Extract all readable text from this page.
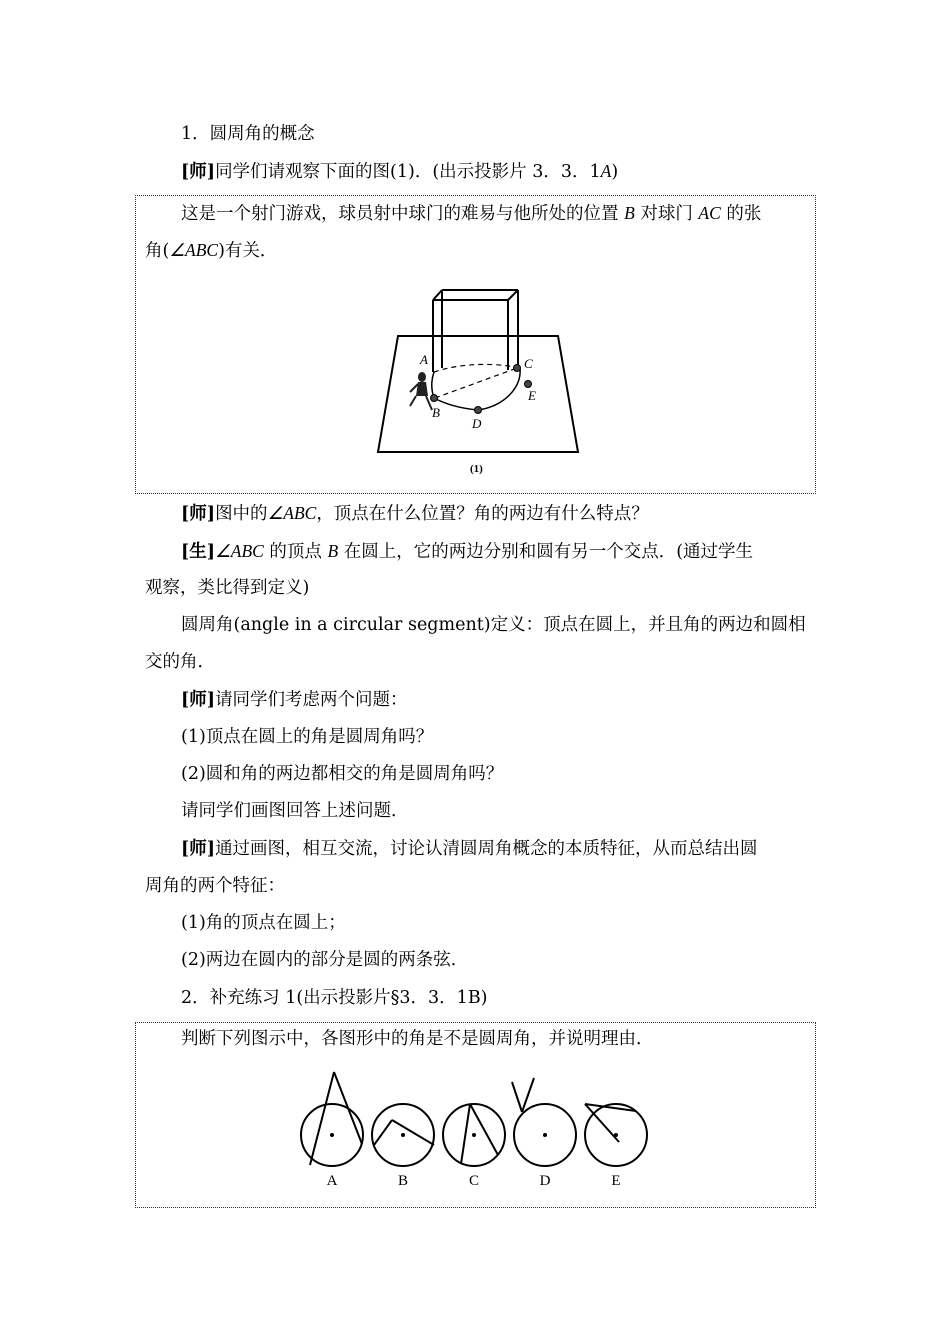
1．圆周角的概念
[师]同学们请观察下面的图(1)．(出示投影片 3．3．1A)
这是一个射门游戏，球员射中球门的难易与他所处的位置 B 对球门 AC 的张
角(∠ABC)有关．
A
B
C
E
D
(1)
[师]图中的∠ABC，顶点在什么位置？角的两边有什么特点？
[生]∠ABC 的顶点 B 在圆上，它的两边分别和圆有另一个交点．(通过学生
观察，类比得到定义)
圆周角(angle in a circular segment)定义：顶点在圆上，并且角的两边和圆相
交的角．
[师]请同学们考虑两个问题：
(1)顶点在圆上的角是圆周角吗？
(2)圆和角的两边都相交的角是圆周角吗？
请同学们画图回答上述问题．
[师]通过画图，相互交流，讨论认清圆周角概念的本质特征，从而总结出圆
周角的两个特征：
(1)角的顶点在圆上；
(2)两边在圆内的部分是圆的两条弦．
2．补充练习 1(出示投影片§3．3．1B)
判断下列图示中，各图形中的角是不是圆周角，并说明理由．
A	B	C	D	E
